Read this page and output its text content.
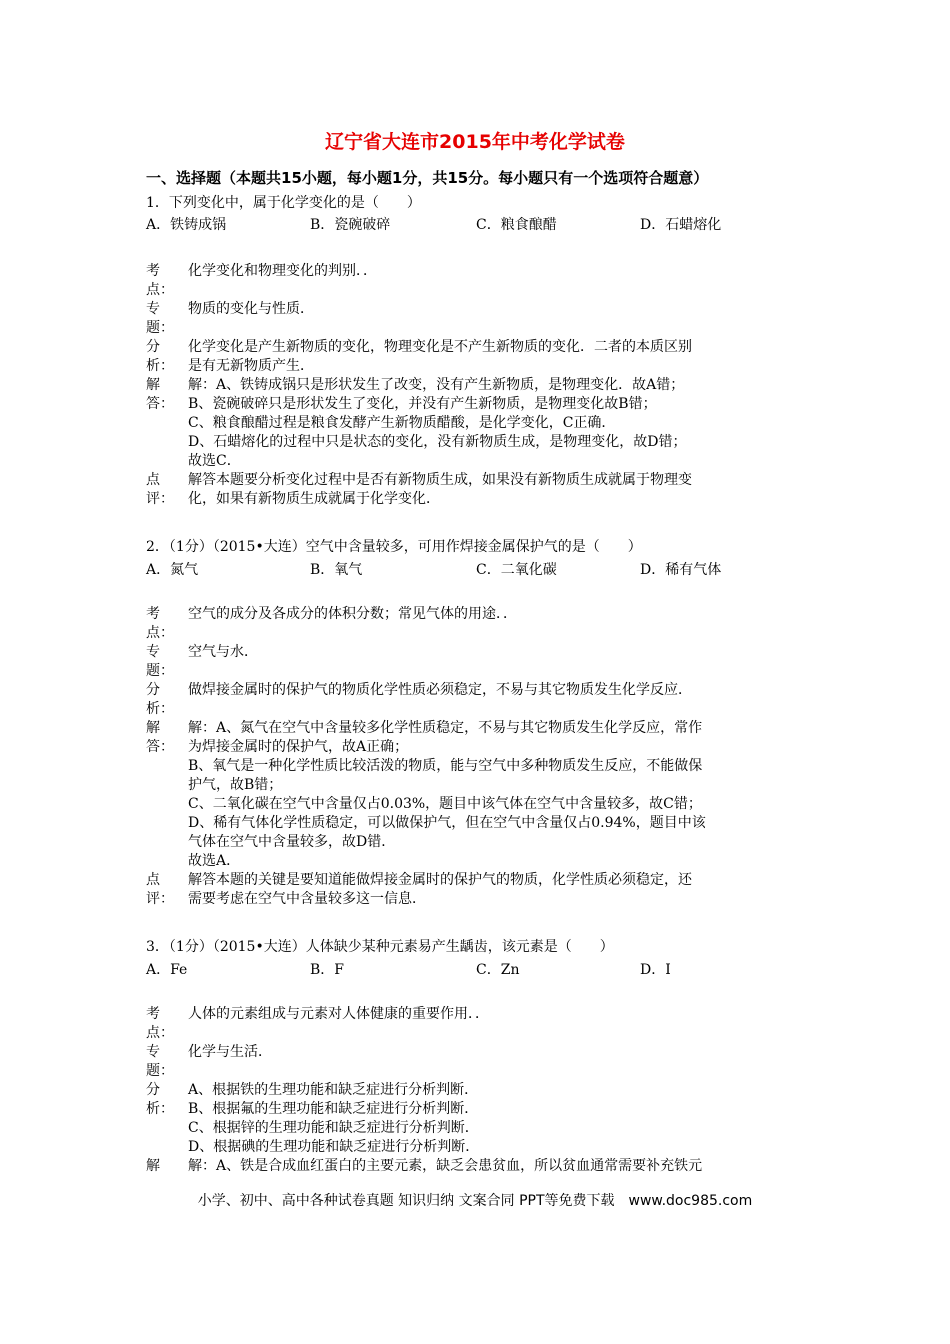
辽宁省大连市2015年中考化学试卷
一、选择题（本题共15小题，每小题1分，共15分。每小题只有一个选项符合题意）
1．下列变化中，属于化学变化的是（　　）
A．铁铸成锅	B．瓷碗破碎	C．粮食酿醋	D．石蜡熔化
考
点：
化学变化和物理变化的判别．．
专
题：
物质的变化与性质．
分
析：
化学变化是产生新物质的变化，物理变化是不产生新物质的变化．二者的本质区别
是有无新物质产生．
解
答：
解：A、铁铸成锅只是形状发生了改变，没有产生新物质，是物理变化．故A错；
B、瓷碗破碎只是形状发生了变化，并没有产生新物质，是物理变化故B错；
C、粮食酿醋过程是粮食发酵产生新物质醋酸，是化学变化，C正确．
D、石蜡熔化的过程中只是状态的变化，没有新物质生成，是物理变化，故D错；
故选C．
点
评：
解答本题要分析变化过程中是否有新物质生成，如果没有新物质生成就属于物理变
化，如果有新物质生成就属于化学变化．
2．（1分）（2015•大连）空气中含量较多，可用作焊接金属保护气的是（　　）
A．氮气	B．氧气	C．二氧化碳	D．稀有气体
考
点：
空气的成分及各成分的体积分数；常见气体的用途．．
专
题：
空气与水．
分
析：
做焊接金属时的保护气的物质化学性质必须稳定，不易与其它物质发生化学反应．
解
答：
解：A、氮气在空气中含量较多化学性质稳定，不易与其它物质发生化学反应，常作
为焊接金属时的保护气，故A正确；
B、氧气是一种化学性质比较活泼的物质，能与空气中多种物质发生反应，不能做保
护气，故B错；
C、二氧化碳在空气中含量仅占0.03%，题目中该气体在空气中含量较多，故C错；
D、稀有气体化学性质稳定，可以做保护气，但在空气中含量仅占0.94%，题目中该
气体在空气中含量较多，故D错．
故选A．
点
评：
解答本题的关键是要知道能做焊接金属时的保护气的物质，化学性质必须稳定，还
需要考虑在空气中含量较多这一信息．
3．（1分）（2015•大连）人体缺少某种元素易产生龋齿，该元素是（　　）
A．Fe	B．F	C．Zn	D．I
考
点：
人体的元素组成与元素对人体健康的重要作用．．
专
题：
化学与生活．
分
析：
A、根据铁的生理功能和缺乏症进行分析判断．
B、根据氟的生理功能和缺乏症进行分析判断．
C、根据锌的生理功能和缺乏症进行分析判断．
D、根据碘的生理功能和缺乏症进行分析判断．
解	解：A、铁是合成血红蛋白的主要元素，缺乏会患贫血，所以贫血通常需要补充铁元
小学、初中、高中各种试卷真题 知识归纳 文案合同 PPT等免费下载　www.doc985.com
